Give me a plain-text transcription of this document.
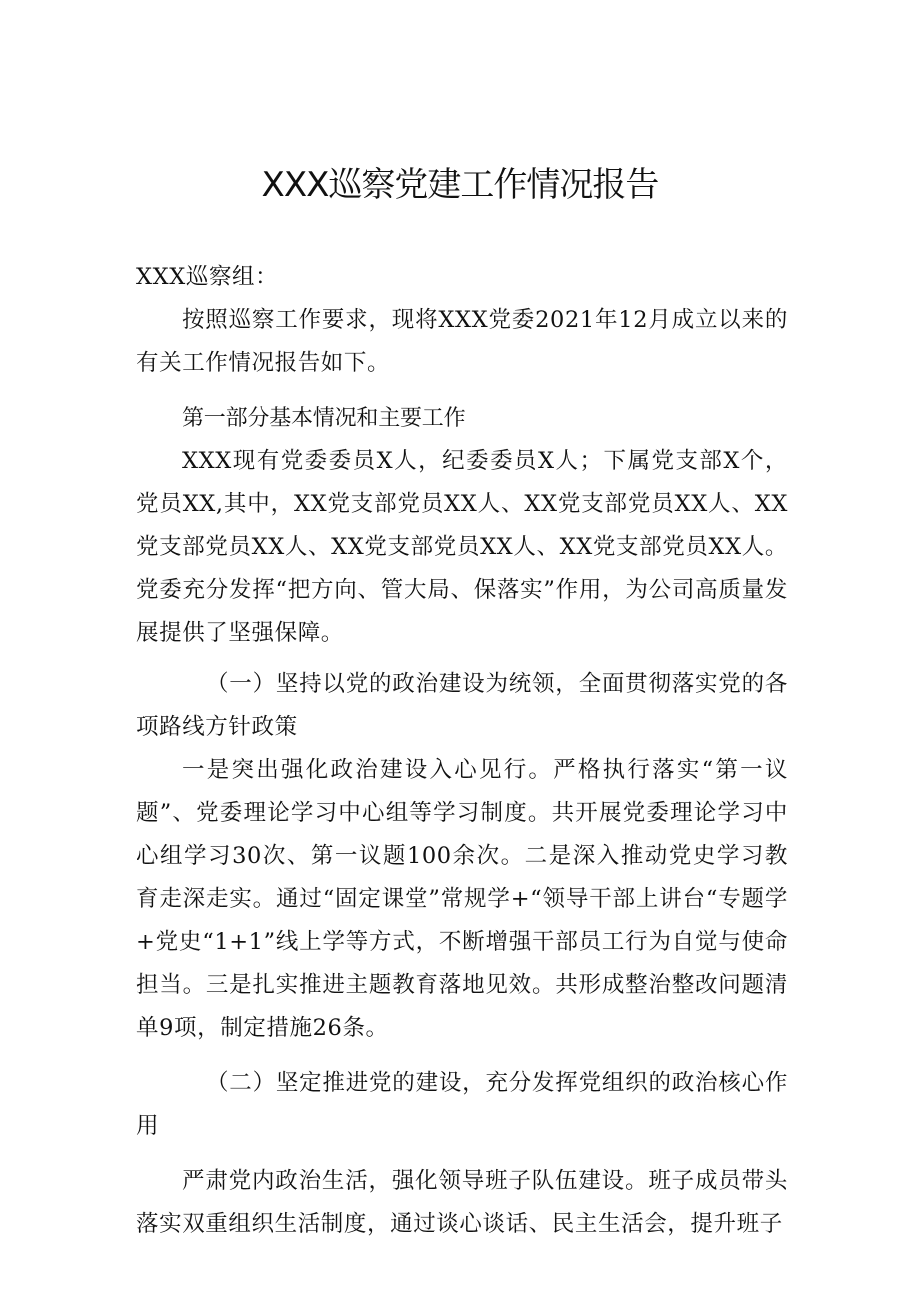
XXX巡察党建工作情况报告

XXX巡察组：

按照巡察工作要求，现将XXX党委2021年12月成立以来的有关工作情况报告如下。

第一部分基本情况和主要工作

XXX现有党委委员X人，纪委委员X人；下属党支部X个，党员XX,其中，XX党支部党员XX人、XX党支部党员XX人、XX党支部党员XX人、XX党支部党员XX人、XX党支部党员XX人。党委充分发挥“把方向、管大局、保落实”作用，为公司高质量发展提供了坚强保障。

（一）坚持以党的政治建设为统领，全面贯彻落实党的各项路线方针政策

一是突出强化政治建设入心见行。严格执行落实“第一议题”、党委理论学习中心组等学习制度。共开展党委理论学习中心组学习30次、第一议题100余次。二是深入推动党史学习教育走深走实。通过“固定课堂”常规学+“领导干部上讲台“专题学+党史“1+1”线上学等方式，不断增强干部员工行为自觉与使命担当。三是扎实推进主题教育落地见效。共形成整治整改问题清单9项，制定措施26条。

（二）坚定推进党的建设，充分发挥党组织的政治核心作用

严肃党内政治生活，强化领导班子队伍建设。班子成员带头落实双重组织生活制度，通过谈心谈话、民主生活会，提升班子
